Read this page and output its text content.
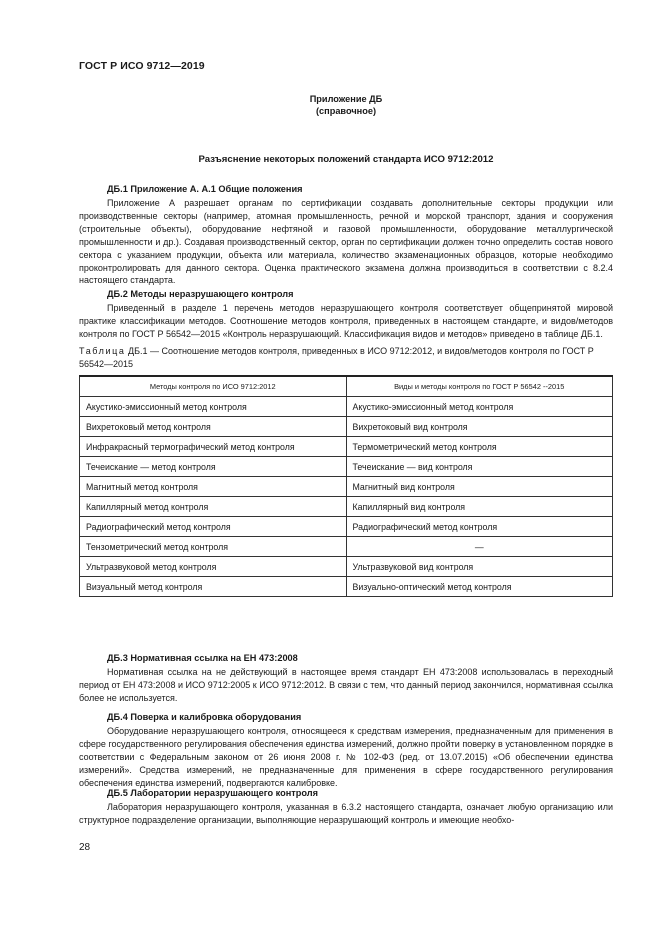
ГОСТ Р ИСО 9712—2019
Приложение ДБ
(справочное)
Разъяснение некоторых положений стандарта ИСО 9712:2012
ДБ.1 Приложение А. А.1 Общие положения

Приложение А разрешает органам по сертификации создавать дополнительные секторы продукции или производственные секторы (например, атомная промышленность, речной и морской транспорт, здания и сооружения (строительные объекты), оборудование нефтяной и газовой промышленности, оборудование металлургической промышленности и др.). Создавая производственный сектор, орган по сертификации должен точно определить состав нового сектора с указанием продукции, объекта или материала, количество экзаменационных образцов, которые необходимо проконтролировать для данного сектора. Оценка практического экзамена должна производиться в соответствии с 8.2.4 настоящего стандарта.

ДБ.2 Методы неразрушающего контроля

Приведенный в разделе 1 перечень методов неразрушающего контроля соответствует общепринятой мировой практике классификации методов. Соотношение методов контроля, приведенных в настоящем стандарте, и видов/методов контроля по ГОСТ Р 56542—2015 «Контроль неразрушающий. Классификация видов и методов» приведено в таблице ДБ.1.

Методы контроля по ИСО 9712:2012	Виды и методы контроля по ГОСТ Р 56542 --2015
Акустико-эмиссионный метод контроля	Акустико-эмиссионный метод контроля
Вихретоковый метод контроля	Вихретоковый вид контроля
Инфракрасный термографический метод контроля	Термометрический метод контроля
Течеискание — метод контроля	Течеискание — вид контроля
Магнитный метод контроля	Магнитный вид контроля
Капиллярный метод контроля	Капиллярный вид контроля
Радиографический метод контроля	Радиографический метод контроля
Тензометрический метод контроля	—
Ультразвуковой метод контроля	Ультразвуковой вид контроля
Визуальный метод контроля	Визуально-оптический метод контроля
ДБ.3 Нормативная ссылка на ЕН 473:2008

Нормативная ссылка на не действующий в настоящее время стандарт ЕН 473:2008 использовалась в переходный период от ЕН 473:2008 и ИСО 9712:2005 к ИСО 9712:2012. В связи с тем, что данный период закончился, нормативная ссылка более не используется.

ДБ.4 Поверка и калибровка оборудования

Оборудование неразрушающего контроля, относящееся к средствам измерения, предназначенным для применения в сфере государственного регулирования обеспечения единства измерений, должно пройти поверку в установленном порядке в соответствии с Федеральным законом от 26 июня 2008 г. № 102-ФЗ (ред. от 13.07.2015) «Об обеспечении единства измерений». Средства измерений, не предназначенные для применения в сфере государственного регулирования обеспечения единства измерений, подвергаются калибровке.

ДБ.5 Лаборатории неразрушающего контроля

Лаборатория неразрушающего контроля, указанная в 6.3.2 настоящего стандарта, означает любую организацию или структурное подразделение организации, выполняющие неразрушающий контроль и имеющие необхо-

28

Таблица ДБ.1 — Соотношение методов контроля, приведенных в ИСО 9712:2012, и видов/методов контроля по ГОСТ Р 56542—2015
